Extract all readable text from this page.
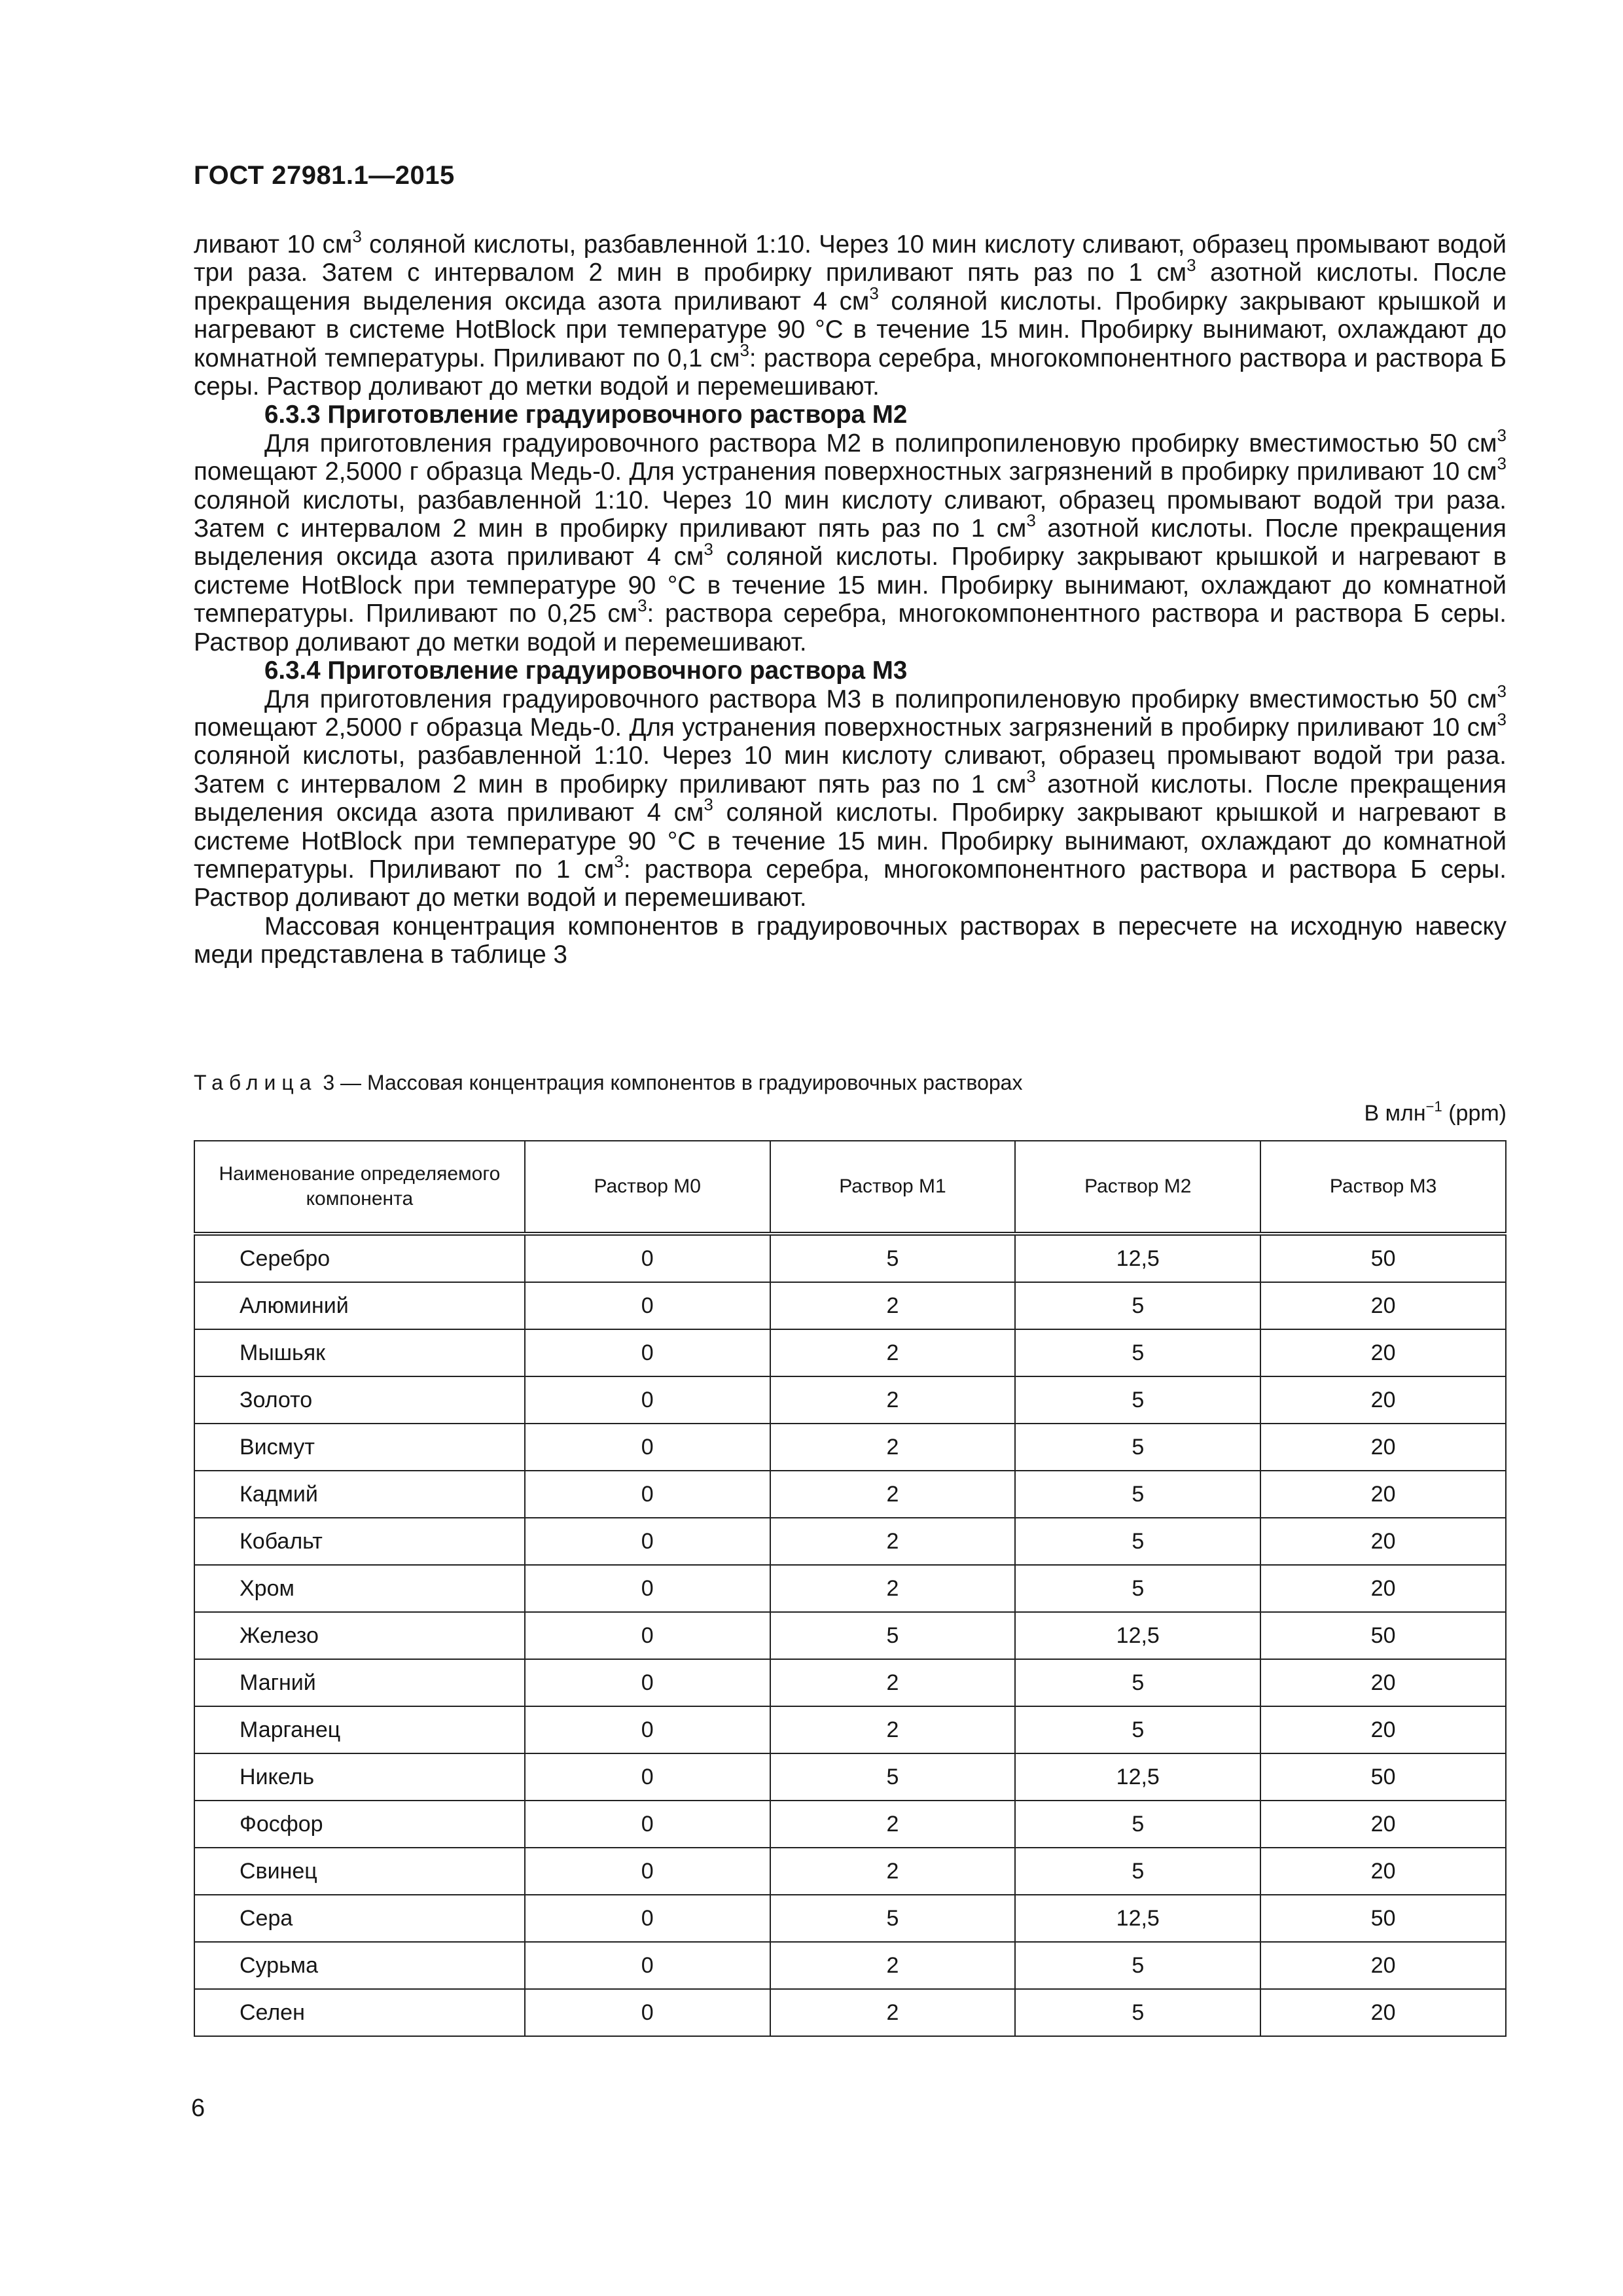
ГОСТ 27981.1—2015

ливают 10 $см^3$ соляной кислоты, разбавленной 1:10. Через 10 мин кислоту сливают, образец промывают водой три раза. Затем с интервалом 2 мин в пробирку приливают пять раз по 1 $см^3$ азотной кислоты. После прекращения выделения оксида азота приливают 4 $см^3$ соляной кислоты. Пробирку закрывают крышкой и нагревают в системе HotBlock при температуре 90 °C в течение 15 мин. Пробирку вынимают, охлаждают до комнатной температуры. Приливают по 0,1 $см^3$: раствора серебра, многокомпонентного раствора и раствора Б серы. Раствор доливают до метки водой и перемешивают.

6.3.3 Приготовление градуировочного раствора M2

Для приготовления градуировочного раствора M2 в полипропиленовую пробирку вместимостью 50 $см^3$ помещают 2,5000 г образца Медь-0. Для устранения поверхностных загрязнений в пробирку приливают 10 $см^3$ соляной кислоты, разбавленной 1:10. Через 10 мин кислоту сливают, образец промывают водой три раза. Затем с интервалом 2 мин в пробирку приливают пять раз по 1 $см^3$ азотной кислоты. После прекращения выделения оксида азота приливают 4 $см^3$ соляной кислоты. Пробирку закрывают крышкой и нагревают в системе HotBlock при температуре 90 °C в течение 15 мин. Пробирку вынимают, охлаждают до комнатной температуры. Приливают по 0,25 $см^3$: раствора серебра, многокомпонентного раствора и раствора Б серы. Раствор доливают до метки водой и перемешивают.

6.3.4 Приготовление градуировочного раствора M3

Для приготовления градуировочного раствора M3 в полипропиленовую пробирку вместимостью 50 $см^3$ помещают 2,5000 г образца Медь-0. Для устранения поверхностных загрязнений в пробирку приливают 10 $см^3$ соляной кислоты, разбавленной 1:10. Через 10 мин кислоту сливают, образец промывают водой три раза. Затем с интервалом 2 мин в пробирку приливают пять раз по 1 $см^3$ азотной кислоты. После прекращения выделения оксида азота приливают 4 $см^3$ соляной кислоты. Пробирку закрывают крышкой и нагревают в системе HotBlock при температуре 90 °C в течение 15 мин. Пробирку вынимают, охлаждают до комнатной температуры. Приливают по 1 $см^3$: раствора серебра, многокомпонентного раствора и раствора Б серы. Раствор доливают до метки водой и перемешивают.

Массовая концентрация компонентов в градуировочных растворах в пересчете на исходную навеску меди представлена в таблице 3

Таблица 3 — Массовая концентрация компонентов в градуировочных растворах
В млн$^{-1}$ (ppm)
Наименование определяемого компонента	Раствор M0	Раствор M1	Раствор M2	Раствор M3
Серебро	0	5	12,5	50
Алюминий	0	2	5	20
Мышьяк	0	2	5	20
Золото	0	2	5	20
Висмут	0	2	5	20
Кадмий	0	2	5	20
Кобальт	0	2	5	20
Хром	0	2	5	20
Железо	0	5	12,5	50
Магний	0	2	5	20
Марганец	0	2	5	20
Никель	0	5	12,5	50
Фосфор	0	2	5	20
Свинец	0	2	5	20
Сера	0	5	12,5	50
Сурьма	0	2	5	20
Селен	0	2	5	20
6
